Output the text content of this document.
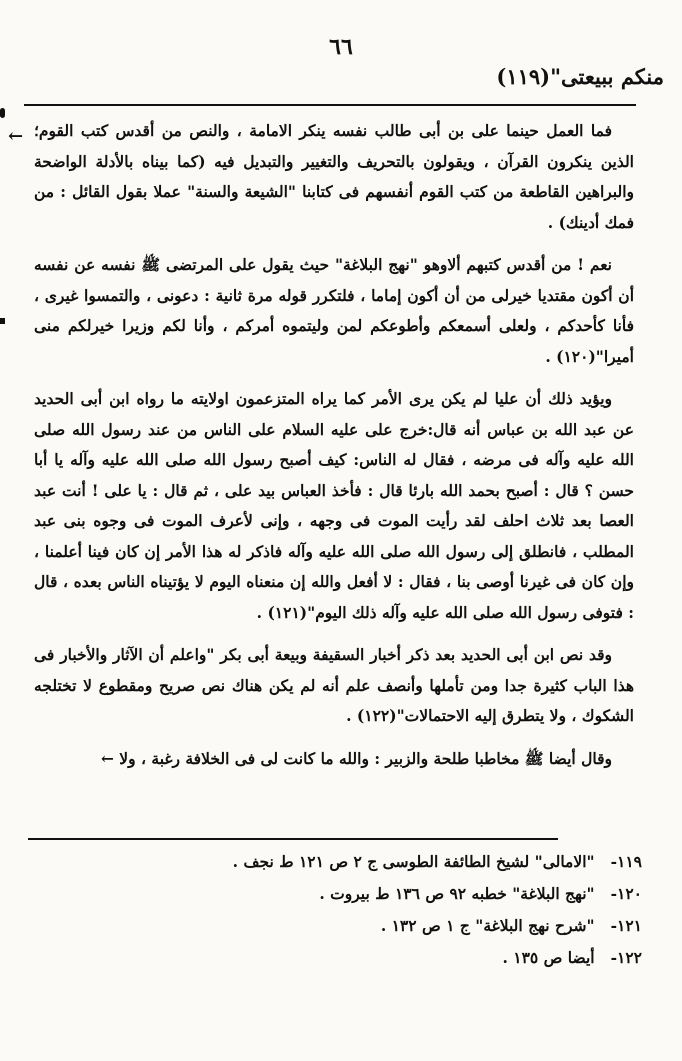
٦٦
منكم ببيعتى"(١١٩)
← فما العمل حينما على بن أبى طالب نفسه ينكر الامامة ، والنص من أقدس كتب القوم؛الذين ينكرون القرآن ، ويقولون بالتحريف والتغيير والتبديل فيه (كما بيناه بالأدلة الواضحة والبراهين القاطعة من كتب القوم أنفسهم فى كتابنا "الشيعة والسنة" عملا بقول القائل : من فمك أدينك) .

نعم ! من أقدس كتبهم ألاوهو "نهج البلاغة" حيث يقول على المرتضى ﷺ نفسه عن نفسه أن أكون مقتديا خيرلى من أن أكون إماما ، فلتكرر قوله مرة ثانية : دعونى ، والتمسوا غيرى ، فأنا كأحدكم ، ولعلى أسمعكم وأطوعكم لمن وليتموه أمركم ، وأنا لكم وزيرا خيرلكم منى أميرا"(١٢٠) .

ويؤيد ذلك أن عليا لم يكن يرى الأمر كما يراه المتزعمون اولايته ما رواه ابن أبى الحديد عن عبد الله بن عباس أنه قال:خرج على عليه السلام على الناس من عند رسول الله صلى الله عليه وآله فى مرضه ، فقال له الناس: كيف أصبح رسول الله صلى الله عليه وآله يا أبا حسن ؟ قال : أصبح بحمد الله بارئا قال : فأخذ العباس بيد على ، ثم قال : يا على ! أنت عبد العصا بعد ثلاث احلف لقد رأيت الموت فى وجهه ، وإنى لأعرف الموت فى وجوه بنى عبد المطلب ، فانطلق إلى رسول الله صلى الله عليه وآله فاذكر له هذا الأمر إن كان فينا أعلمنا ، وإن كان فى غيرنا أوصى بنا ، فقال : لا أفعل والله إن منعناه اليوم لا يؤتيناه الناس بعده ، قال : فتوفى رسول الله صلى الله عليه وآله ذلك اليوم"(١٢١) .

وقد نص ابن أبى الحديد بعد ذكر أخبار السقيفة وبيعة أبى بكر "واعلم أن الآثار والأخبار فى هذا الباب كثيرة جدا ومن تأملها وأنصف علم أنه لم يكن هناك نص صريح ومقطوع لا تختلجه الشكوك ، ولا يتطرق إليه الاحتمالات"(١٢٢) .

وقال أيضا ﷺ مخاطبا طلحة والزبير : والله ما كانت لى فى الخلافة رغبة ، ولا ←

١١٩- "الامالى" لشيخ الطائفة الطوسى ج ٢ ص ١٢١ ط نجف .
١٢٠- "نهج البلاغة" خطبه ٩٢ ص ١٣٦ ط بيروت .
١٢١- "شرح نهج البلاغة" ج ١ ص ١٣٢ .
١٢٢- أيضا ص ١٣٥ .
